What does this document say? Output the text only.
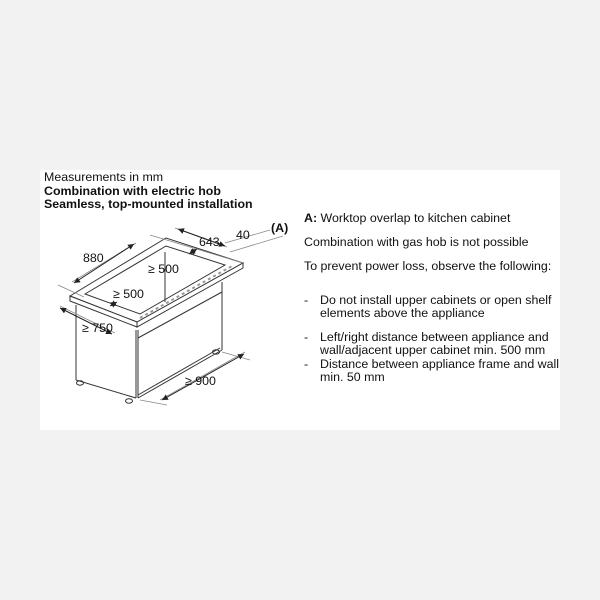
Measurements in mm
Combination with electric hob
Seamless, top-mounted installation
880
643 40 (A)
≥ 500
≥ 500
≥ 750
≥ 900

A: Worktop overlap to kitchen cabinet

Combination with gas hob is not possible

To prevent power loss, observe the following:

- Do not install upper cabinets or open shelf elements above the appliance
- Left/right distance between appliance and wall/adjacent upper cabinet min. 500 mm
- Distance between appliance frame and wall min. 50 mm
